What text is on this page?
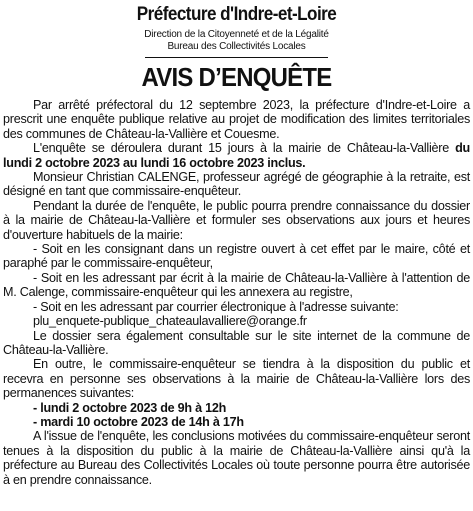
Préfecture d'Indre-et-Loire
Direction de la Citoyenneté et de la Légalité
Bureau des Collectivités Locales
AVIS D’ENQUÊTE

Par arrêté préfectoral du 12 septembre 2023, la préfecture d'Indre-et-Loire a prescrit une enquête publique relative au projet de modification des limites territoriales des communes de Château-la-Vallière et Couesme.

L'enquête se déroulera durant 15 jours à la mairie de Château-la-Vallière du lundi 2 octobre 2023 au lundi 16 octobre 2023 inclus.

Monsieur Christian CALENGE, professeur agrégé de géographie à la retraite, est désigné en tant que commissaire-enquêteur.

Pendant la durée de l'enquête, le public pourra prendre connaissance du dossier à la mairie de Château-la-Vallière et formuler ses observations aux jours et heures d'ouverture habituels de la mairie:

- Soit en les consignant dans un registre ouvert à cet effet par le maire, côté et paraphé par le commissaire-enquêteur,

- Soit en les adressant par écrit à la mairie de Château-la-Vallière à l'attention de M. Calenge, commissaire-enquêteur qui les annexera au registre,

- Soit en les adressant par courrier électronique à l'adresse suivante:

plu_enquete-publique_chateaulavalliere@orange.fr

Le dossier sera également consultable sur le site internet de la commune de Château-la-Vallière.

En outre, le commissaire-enquêteur se tiendra à la disposition du public et recevra en personne ses observations à la mairie de Château-la-Vallière lors des permanences suivantes:

- lundi 2 octobre 2023 de 9h à 12h

- mardi 10 octobre 2023 de 14h à 17h

A l'issue de l'enquête, les conclusions motivées du commissaire-enquêteur seront tenues à la disposition du public à la mairie de Château-la-Vallière ainsi qu'à la préfecture au Bureau des Collectivités Locales où toute personne pourra être autorisée à en prendre connaissance.
